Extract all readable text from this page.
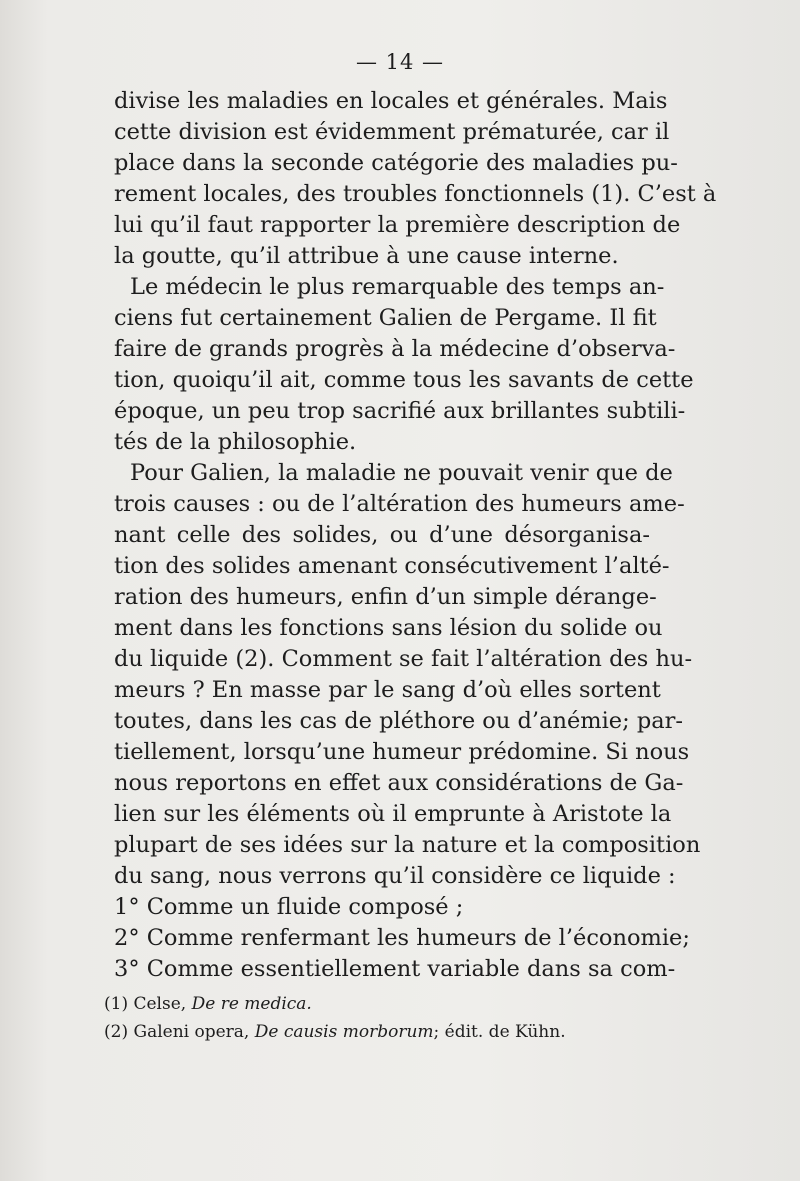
— 14 —
divise les maladies en locales et générales. Mais
cette division est évidemment prématurée, car il
place dans la seconde catégorie des maladies pu-
rement locales, des troubles fonctionnels (1). C’est à
lui qu’il faut rapporter la première description de
la goutte, qu’il attribue à une cause interne.
Le médecin le plus remarquable des temps an-
ciens fut certainement Galien de Pergame. Il fit
faire de grands progrès à la médecine d’observa-
tion, quoiqu’il ait, comme tous les savants de cette
époque, un peu trop sacrifié aux brillantes subtili-
tés de la philosophie.
Pour Galien, la maladie ne pouvait venir que de
trois causes : ou de l’altération des humeurs ame-
nant celle des solides, ou d’une désorganisa-
tion des solides amenant consécutivement l’alté-
ration des humeurs, enfin d’un simple dérange-
ment dans les fonctions sans lésion du solide ou
du liquide (2). Comment se fait l’altération des hu-
meurs ? En masse par le sang d’où elles sortent
toutes, dans les cas de pléthore ou d’anémie; par-
tiellement, lorsqu’une humeur prédomine. Si nous
nous reportons en effet aux considérations de Ga-
lien sur les éléments où il emprunte à Aristote la
plupart de ses idées sur la nature et la composition
du sang, nous verrons qu’il considère ce liquide :
1° Comme un fluide composé ;
2° Comme renfermant les humeurs de l’économie;
3° Comme essentiellement variable dans sa com-
(1) Celse, De re medica.
(2) Galeni opera, De causis morborum; édit. de Kühn.
